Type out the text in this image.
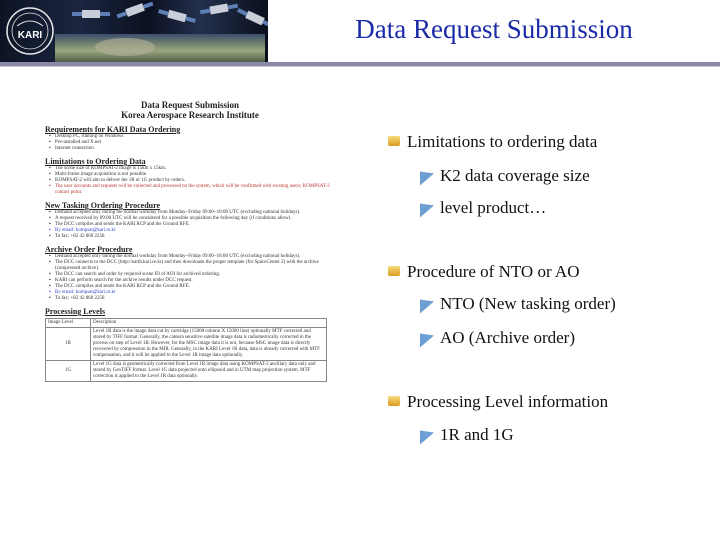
KARI	Data Request Submission
Data Request Submission
Korea Aerospace Research Institute
Requirements for KARI Data Ordering
▪ Desktop PC, running on Windows
▪ Pre-installed and X.net
▪ Internet connection
Limitations to Ordering Data
▪ The scene size of KOMPSAT-2 image is 15km x 15km.
▪ Multi-frame image acquisition is not possible.
▪ KOMPSAT-2 will aim to deliver the 1R or 1G product by orders.
▪ The user accounts and requests will be collected and processed on the system, which will be confirmed with existing users; KOMPSAT-2 contact point.
New Tasking Ordering Procedure
▪ Demand accepted only during the normal workday from Monday~Friday 09:00~18:00 UTC (excluding national holidays).
▪ A request received by 09:00 UTC will be considered for a possible acquisition the following day (if conditions allow).
▪ The DCC compiles and sends the KARI RCP and the Ground RFE.
▪ By email: kompsat@kari.re.kr
▪ To fax: +82 42 860 2258
Archive Order Procedure
▪ Demand accepted only during the normal workday from Monday~Friday 09:00~18:00 UTC (excluding national holidays).
▪ The DCC connects to the DCC (http://earth.kari.re.kr) and then downloads the proper template (for SpaceCenter 2) with the archive (compressed archive).
▪ The DCC can search and order by required scene ID of AOI for archived ordering.
▪ KARI can perform search for the archive results under DCC request.
▪ The DCC compiles and sends the KARI RCP and the Ground RFE.
▪ By email: kompsat@kari.re.kr
▪ To fax: +82 42 860 2258
Processing Levels
Image Level	Description
1R	Level 1R data is the image data cut by cartridge (15000 column X 15000 line) optionally MTF corrected and stored by TIFF format. Generally, the camera sensitive satellite image data is radiometrically corrected in the process on step of Level 1R. However, for the MSC image data it is not, because MSC image data is directly recovered by compression in the MIR. Generally, in the KARI Level 1R data, data is already corrected with MTF compensation, and it will be applied to the Level 1R image data optionally.
1G	Level 1G data is geometrically corrected from Level 1R image data using KOMPSAT-2 ancillary data only and stored by GeoTIFF format. Level 1G data projected onto ellipsoid and in UTM map projection system. MTF correction is applied to the Level 1R data optionally.
Limitations to ordering data
K2 data coverage size
level product…
Procedure of NTO or AO
NTO (New tasking order)
AO (Archive order)
Processing Level information
1R and 1G
